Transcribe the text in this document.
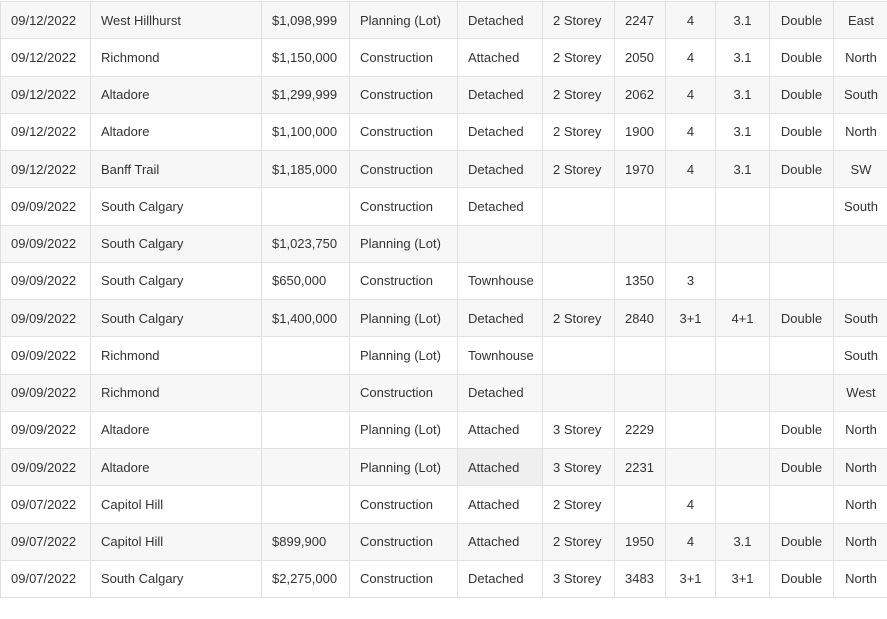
09/12/2022	West Hillhurst	$1,098,999	Planning (Lot)	Detached	2 Storey	2247	4	3.1	Double	East
09/12/2022	Richmond	$1,150,000	Construction	Attached	2 Storey	2050	4	3.1	Double	North
09/12/2022	Altadore	$1,299,999	Construction	Detached	2 Storey	2062	4	3.1	Double	South
09/12/2022	Altadore	$1,100,000	Construction	Detached	2 Storey	1900	4	3.1	Double	North
09/12/2022	Banff Trail	$1,185,000	Construction	Detached	2 Storey	1970	4	3.1	Double	SW
09/09/2022	South Calgary		Construction	Detached						South
09/09/2022	South Calgary	$1,023,750	Planning (Lot)							
09/09/2022	South Calgary	$650,000	Construction	Townhouse		1350	3			
09/09/2022	South Calgary	$1,400,000	Planning (Lot)	Detached	2 Storey	2840	3+1	4+1	Double	South
09/09/2022	Richmond		Planning (Lot)	Townhouse						South
09/09/2022	Richmond		Construction	Detached						West
09/09/2022	Altadore		Planning (Lot)	Attached	3 Storey	2229			Double	North
09/09/2022	Altadore		Planning (Lot)	Attached	3 Storey	2231			Double	North
09/07/2022	Capitol Hill		Construction	Attached	2 Storey		4			North
09/07/2022	Capitol Hill	$899,900	Construction	Attached	2 Storey	1950	4	3.1	Double	North
09/07/2022	South Calgary	$2,275,000	Construction	Detached	3 Storey	3483	3+1	3+1	Double	North
